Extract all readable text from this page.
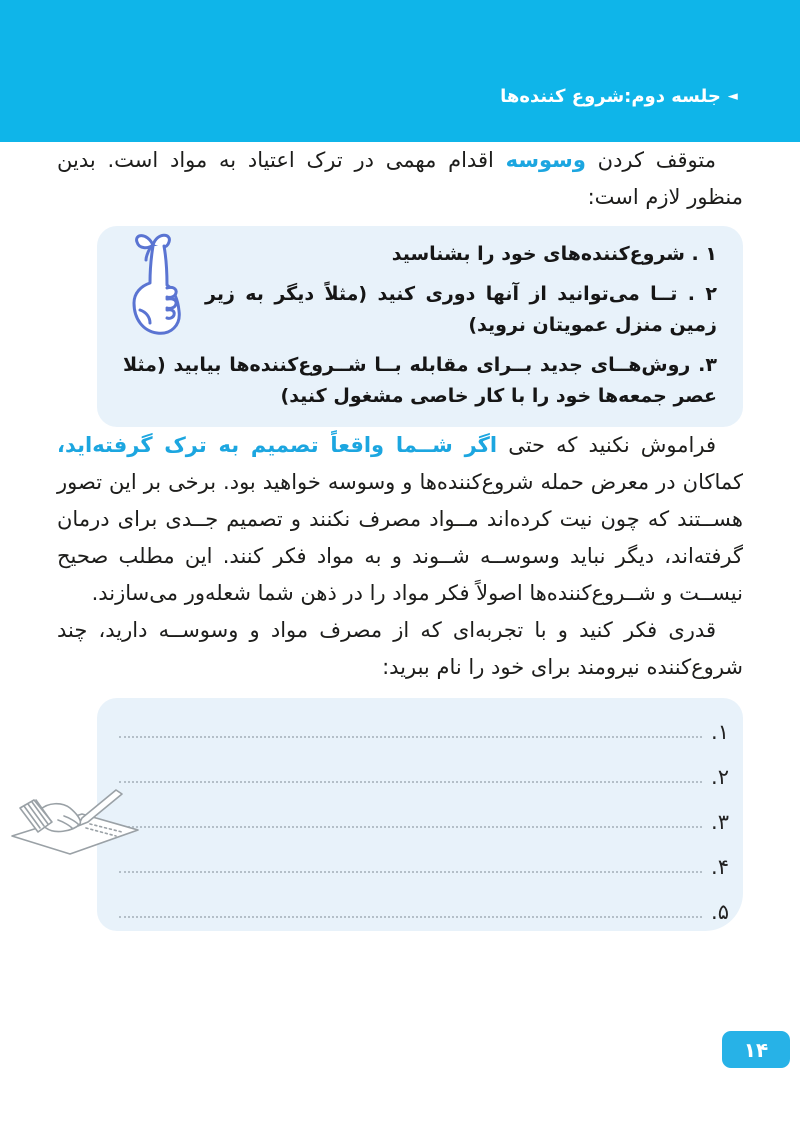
◄
جلسه دوم:شروع کننده‌ها

متوقف کردن وسوسه اقدام مهمی در ترک اعتیاد به مواد است. بدین منظور لازم است:

۱ . شروع‌کننده‌های خود را بشناسید

۲ . تــا می‌توانید از آنها دوری کنید (مثلاً دیگر به زیر زمین منزل عمویتان نروید)

۳. روش‌هــای جدید بــرای مقابله بــا شــروع‌کننده‌ها بیابید (مثلا عصر جمعه‌ها خود را با کار خاصی مشغول کنید)

فراموش نکنید که حتی اگر شــما واقعاً تصمیم به ترک گرفته‌اید، کماکان در معرض حمله شروع‌کننده‌ها و وسوسه خواهید بود. برخی بر این تصور هســتند که چون نیت کرده‌اند مــواد مصرف نکنند و تصمیم جــدی برای درمان گرفته‌اند، دیگر نباید وسوســه شــوند و به مواد فکر کنند. این مطلب صحیح نیســت و شــروع‌کننده‌ها اصولاً فکر مواد را در ذهن شما شعله‌ور می‌سازند.

قدری فکر کنید و با تجربه‌ای که از مصرف مواد و وسوســه دارید، چند شروع‌کننده نیرومند برای خود را نام ببرید:

۱.
۲.
۳.
۴.
۵.
۱۴
